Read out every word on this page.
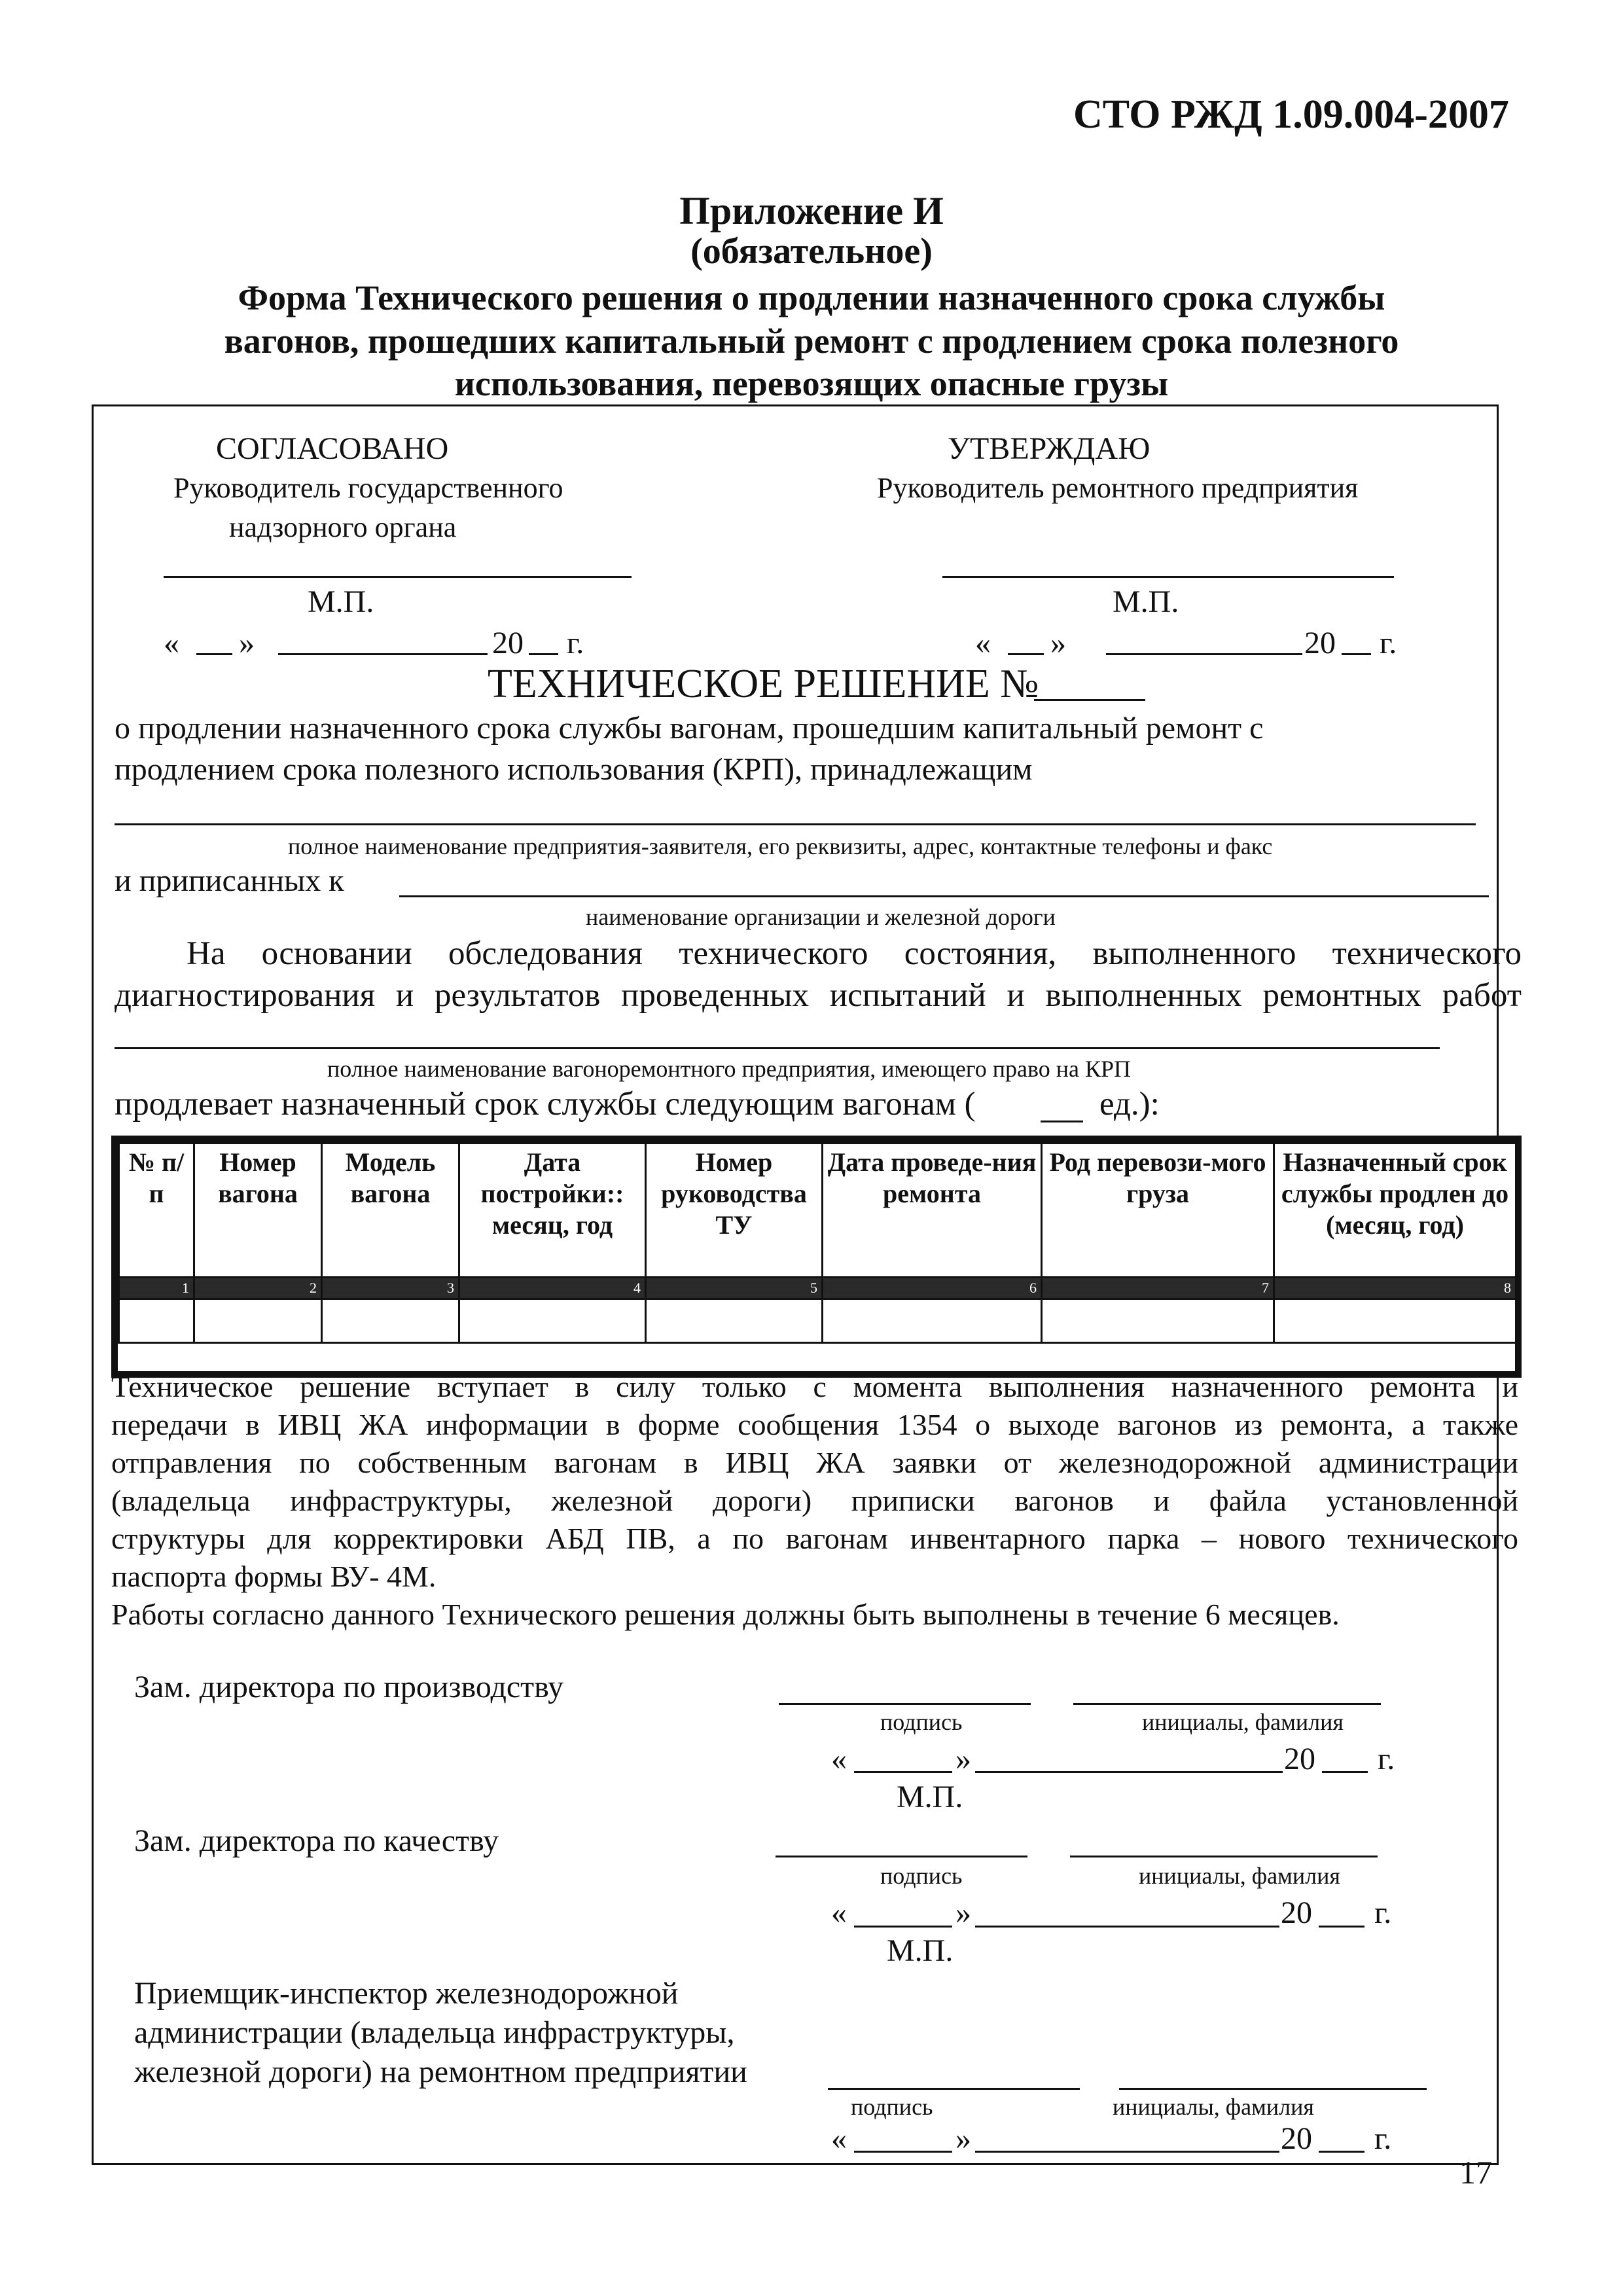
СТО РЖД 1.09.004-2007
Приложение И
(обязательное)
Форма Технического решения о продлении назначенного срока службы
вагонов, прошедших капитальный ремонт с продлением срока полезного
использования, перевозящих опасные грузы
СОГЛАСОВАНО
Руководитель государственного
надзорного органа
М.П.
« »	20 г.
УТВЕРЖДАЮ
Руководитель ремонтного предприятия
М.П.
« »	20 г.
ТЕХНИЧЕСКОЕ РЕШЕНИЕ №
о продлении назначенного срока службы вагонам, прошедшим капитальный ремонт с
продлением срока полезного использования (КРП), принадлежащим
полное наименование предприятия-заявителя, его реквизиты, адрес, контактные телефоны и факс
и приписанных к
наименование организации и железной дороги
На основании обследования технического состояния, выполненного технического
диагностирования и результатов проведенных испытаний и выполненных ремонтных работ
полное наименование вагоноремонтного предприятия, имеющего право на КРП
продлевает назначенный срок службы следующим вагонам (	ед.):
№ п/п	Номер вагона	Модель вагона	Дата постройки:: месяц, год	Номер руководства ТУ	Дата проведе-ния ремонта	Род перевози-мого груза	Назначенный срок службы продлен до (месяц, год)
1	2	3	4	5	6	7	8

Техническое решение вступает в силу только с момента выполнения назначенного ремонта и
передачи в ИВЦ ЖА информации в форме сообщения 1354 о выходе вагонов из ремонта, а также
отправления по собственным вагонам в ИВЦ ЖА заявки от железнодорожной администрации
(владельца инфраструктуры, железной дороги) приписки вагонов и файла установленной
структуры для корректировки АБД ПВ, а по вагонам инвентарного парка – нового технического
паспорта формы ВУ- 4М.
Работы согласно данного Технического решения должны быть выполнены в течение 6 месяцев.
Зам. директора по производству
подпись	инициалы, фамилия
«	»	20 г.
М.П.
Зам. директора по качеству
подпись	инициалы, фамилия
«	»	20 г.
М.П.
Приемщик-инспектор железнодорожной
администрации (владельца инфраструктуры,
железной дороги) на ремонтном предприятии
подпись	инициалы, фамилия
«	»	20 г.
17
